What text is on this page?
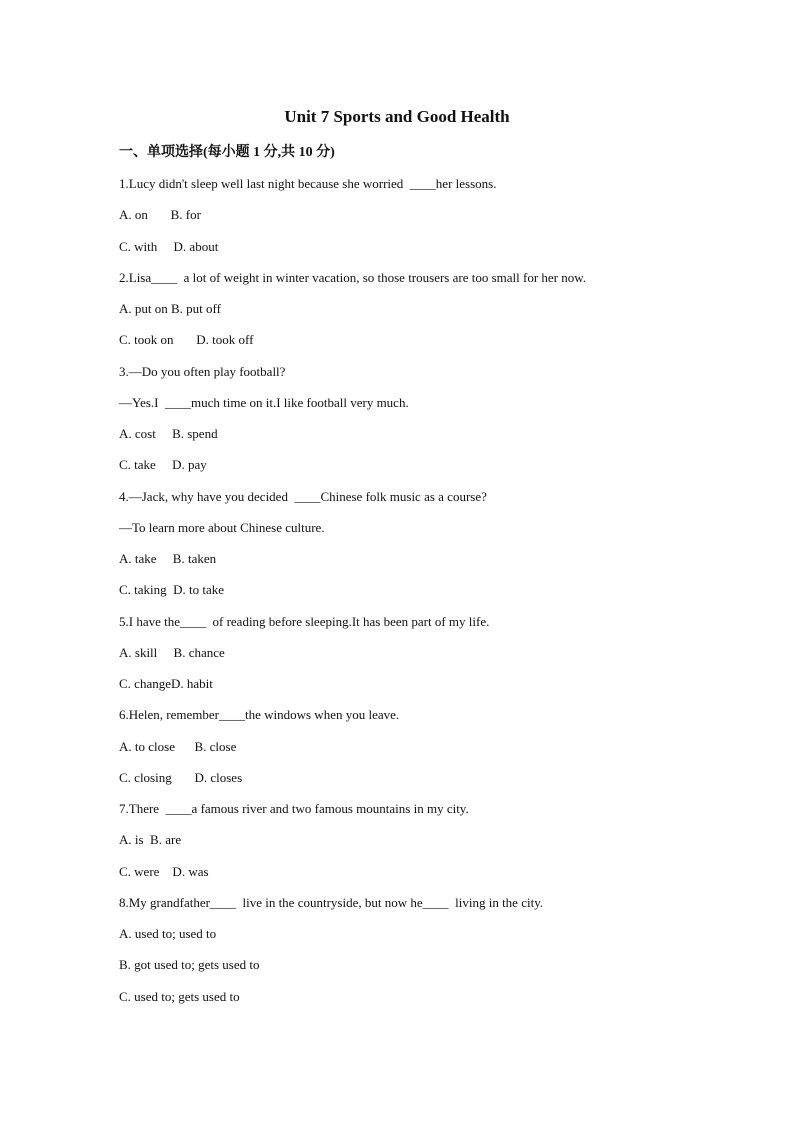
Unit 7 Sports and Good Health
一、单项选择(每小题 1 分,共 10 分)
1.Lucy didn't sleep well last night because she worried  ____her lessons.
A. on       B. for
C. with     D. about
2.Lisa____  a lot of weight in winter vacation, so those trousers are too small for her now.
A. put on B. put off
C. took on       D. took off
3.—Do you often play football?
—Yes.I  ____much time on it.I like football very much.
A. cost     B. spend
C. take     D. pay
4.—Jack, why have you decided  ____Chinese folk music as a course?
—To learn more about Chinese culture.
A. take     B. taken
C. taking  D. to take
5.I have the____  of reading before sleeping.It has been part of my life.
A. skill     B. chance
C. changeD. habit
6.Helen, remember____the windows when you leave.
A. to close      B. close
C. closing       D. closes
7.There  ____a famous river and two famous mountains in my city.
A. is  B. are
C. were    D. was
8.My grandfather____  live in the countryside, but now he____  living in the city.
A. used to; used to
B. got used to; gets used to
C. used to; gets used to
